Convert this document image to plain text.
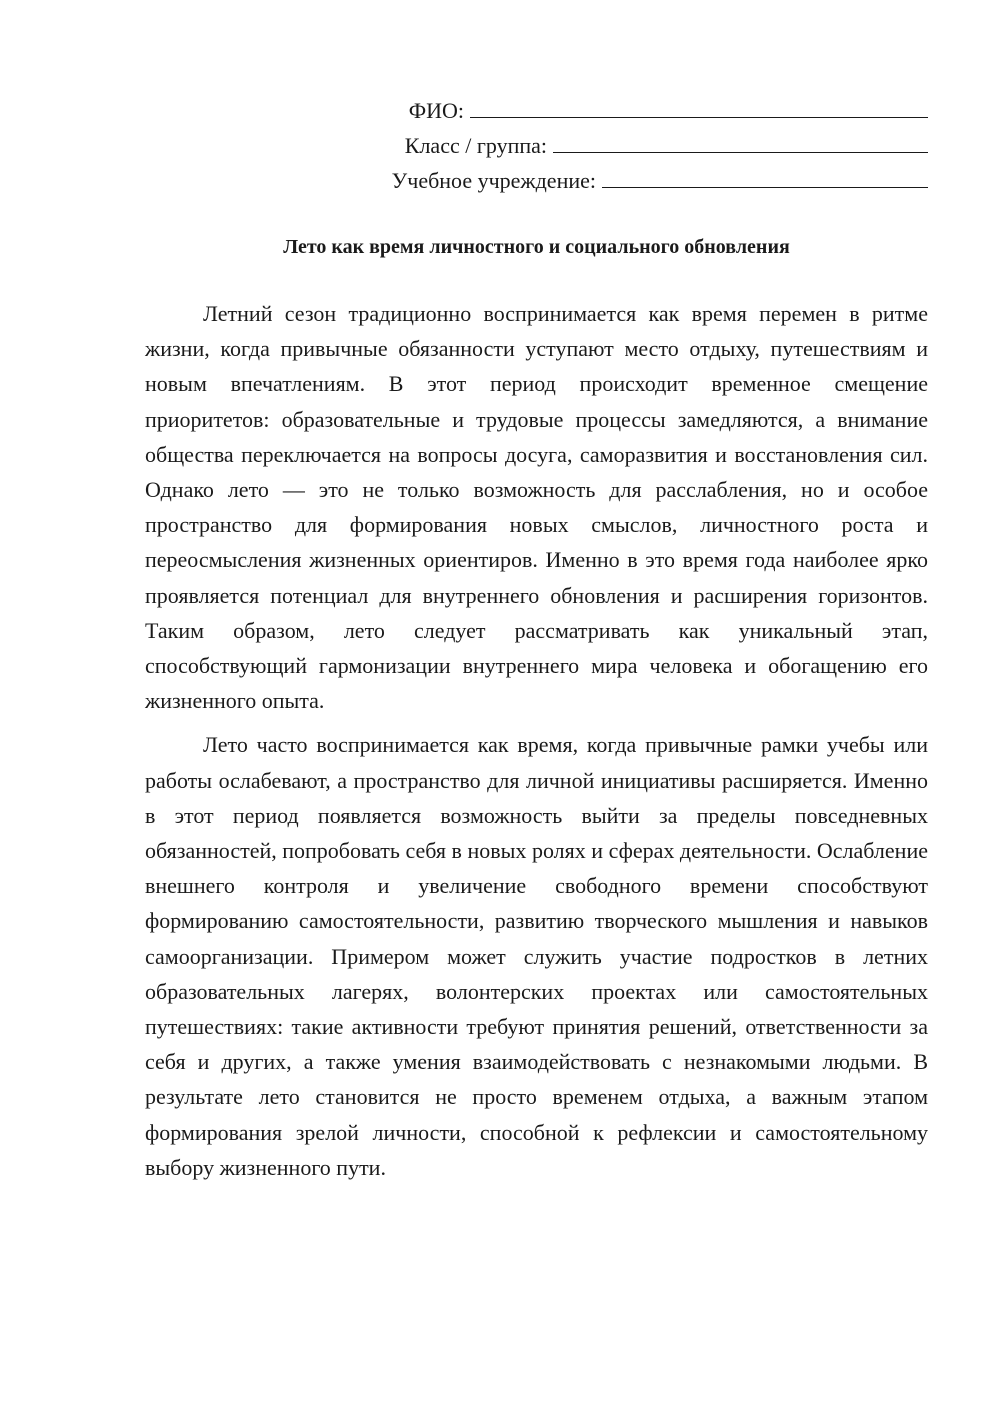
ФИО:
Класс / группа:
Учебное учреждение:
Лето как время личностного и социального обновления

Летний сезон традиционно воспринимается как время перемен в ритме жизни, когда привычные обязанности уступают место отдыху, путешествиям и новым впечатлениям. В этот период происходит временное смещение приоритетов: образовательные и трудовые процессы замедляются, а внимание общества переключается на вопросы досуга, саморазвития и восстановления сил. Однако лето — это не только возможность для расслабления, но и особое пространство для формирования новых смыслов, личностного роста и переосмысления жизненных ориентиров. Именно в это время года наиболее ярко проявляется потенциал для внутреннего обновления и расширения горизонтов. Таким образом, лето следует рассматривать как уникальный этап, способствующий гармонизации внутреннего мира человека и обогащению его жизненного опыта.

Лето часто воспринимается как время, когда привычные рамки учебы или работы ослабевают, а пространство для личной инициативы расширяется. Именно в этот период появляется возможность выйти за пределы повседневных обязанностей, попробовать себя в новых ролях и сферах деятельности. Ослабление внешнего контроля и увеличение свободного времени способствуют формированию самостоятельности, развитию творческого мышления и навыков самоорганизации. Примером может служить участие подростков в летних образовательных лагерях, волонтерских проектах или самостоятельных путешествиях: такие активности требуют принятия решений, ответственности за себя и других, а также умения взаимодействовать с незнакомыми людьми. В результате лето становится не просто временем отдыха, а важным этапом формирования зрелой личности, способной к рефлексии и самостоятельному выбору жизненного пути.
